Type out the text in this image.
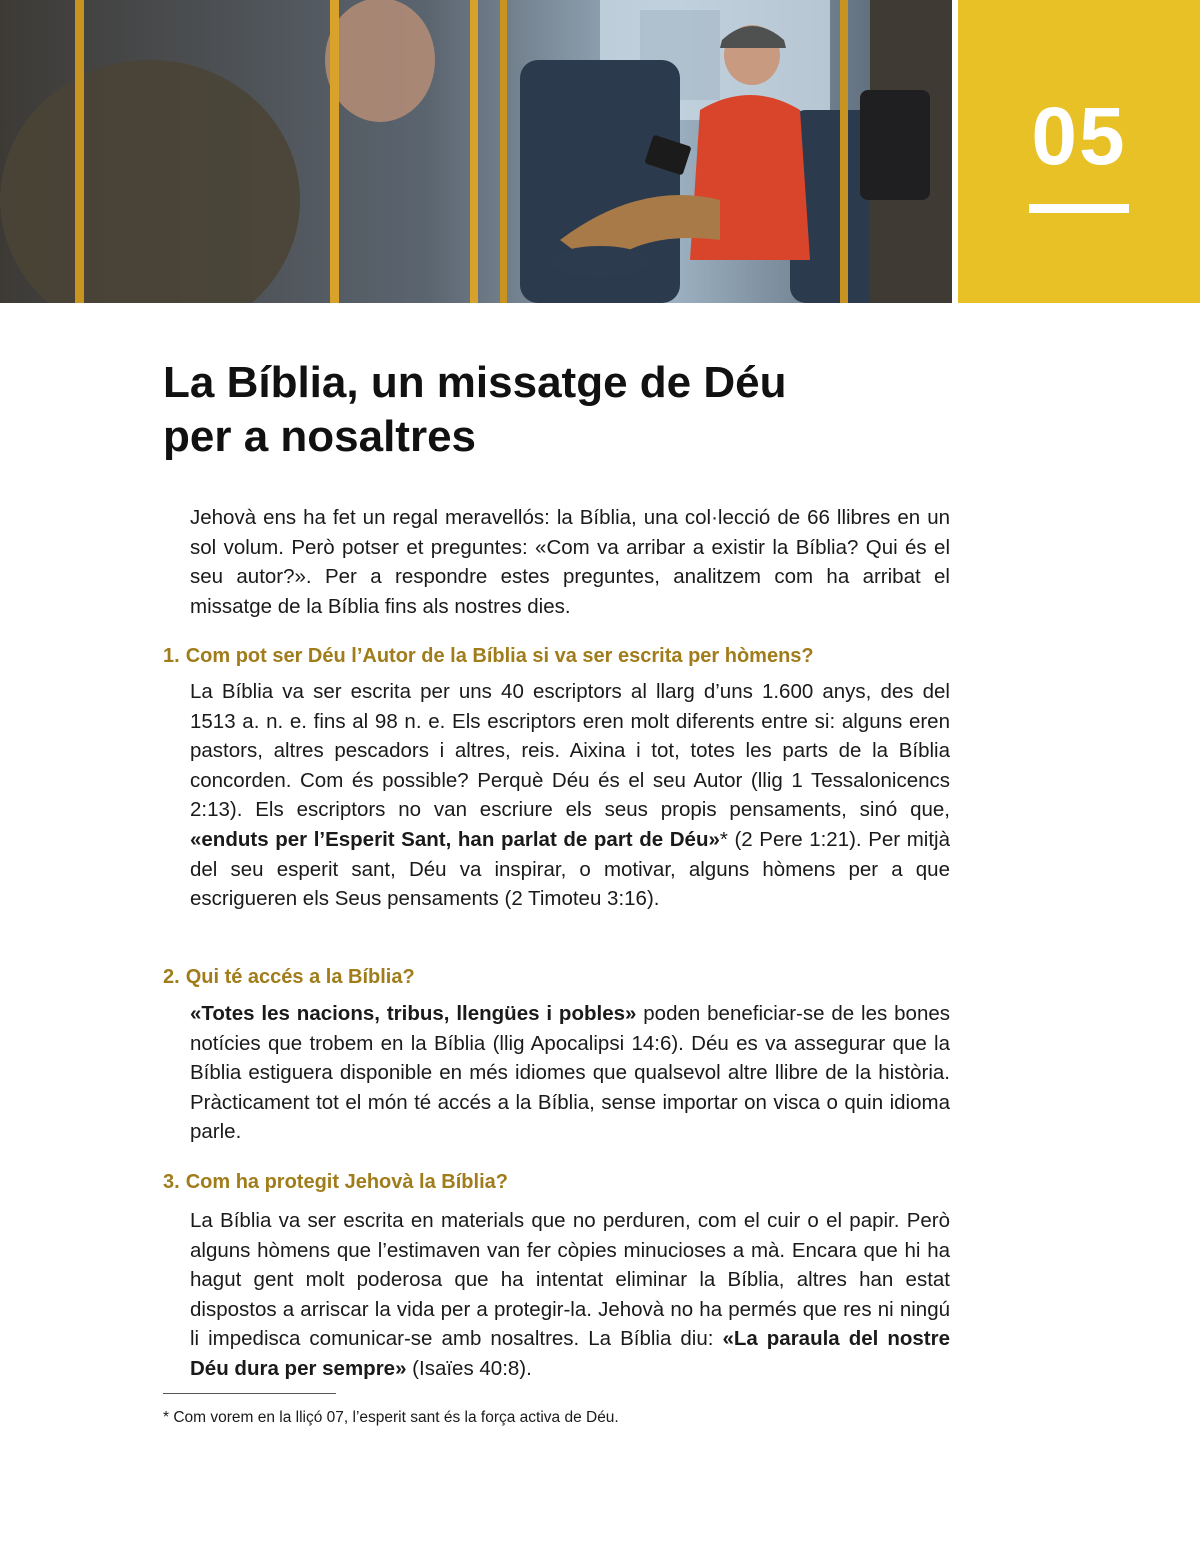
05
La Bíblia, un missatge de Déu
per a nosaltres

Jehovà ens ha fet un regal meravellós: la Bíblia, una col·lecció de 66 llibres en un sol volum. Però potser et preguntes: «Com va arribar a existir la Bíblia? Qui és el seu autor?». Per a respondre estes preguntes, analitzem com ha arribat el missatge de la Bíblia fins als nostres dies.

1. Com pot ser Déu l’Autor de la Bíblia si va ser escrita per hòmens?

La Bíblia va ser escrita per uns 40 escriptors al llarg d’uns 1.600 anys, des del 1513 a. n. e. fins al 98 n. e. Els escriptors eren molt diferents entre si: alguns eren pastors, altres pescadors i altres, reis. Aixina i tot, totes les parts de la Bíblia concorden. Com és possible? Perquè Déu és el seu Autor (llig 1 Tessalonicencs 2:13). Els escriptors no van escriure els seus propis pensaments, sinó que, «enduts per l’Esperit Sant, han parlat de part de Déu»* (2 Pere 1:21). Per mitjà del seu esperit sant, Déu va inspirar, o motivar, alguns hòmens per a que escrigueren els Seus pensaments (2 Timoteu 3:16).

2. Qui té accés a la Bíblia?

«Totes les nacions, tribus, llengües i pobles» poden beneficiar-se de les bones notícies que trobem en la Bíblia (llig Apocalipsi 14:6). Déu es va assegurar que la Bíblia estiguera disponible en més idiomes que qualsevol altre llibre de la història. Pràcticament tot el món té accés a la Bíblia, sense importar on visca o quin idioma parle.

3. Com ha protegit Jehovà la Bíblia?

La Bíblia va ser escrita en materials que no perduren, com el cuir o el papir. Però alguns hòmens que l’estimaven van fer còpies minucioses a mà. Encara que hi ha hagut gent molt poderosa que ha intentat eliminar la Bíblia, altres han estat dispostos a arriscar la vida per a protegir-la. Jehovà no ha permés que res ni ningú li impedisca comunicar-se amb nosaltres. La Bíblia diu: «La paraula del nostre Déu dura per sempre» (Isaïes 40:8).

* Com vorem en la lliçó 07, l’esperit sant és la força activa de Déu.
